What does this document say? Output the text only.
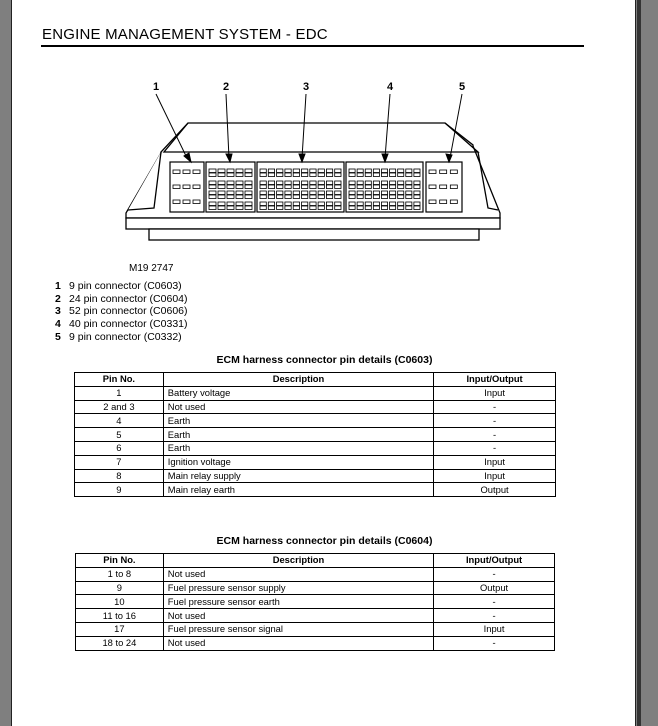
ENGINE MANAGEMENT SYSTEM - EDC
1	2	3	4	5
M19 2747
1 9 pin connector (C0603)
2 24 pin connector (C0604)
3 52 pin connector (C0606)
4 40 pin connector (C0331)
5 9 pin connector (C0332)
ECM harness connector pin details (C0603)
Pin No.	Description	Input/Output
1	Battery voltage	Input
2 and 3	Not used	-
4	Earth	-
5	Earth	-
6	Earth	-
7	Ignition voltage	Input
8	Main relay supply	Input
9	Main relay earth	Output
ECM harness connector pin details (C0604)
Pin No.	Description	Input/Output
1 to 8	Not used	-
9	Fuel pressure sensor supply	Output
10	Fuel pressure sensor earth	-
11 to 16	Not used	-
17	Fuel pressure sensor signal	Input
18 to 24	Not used	-
